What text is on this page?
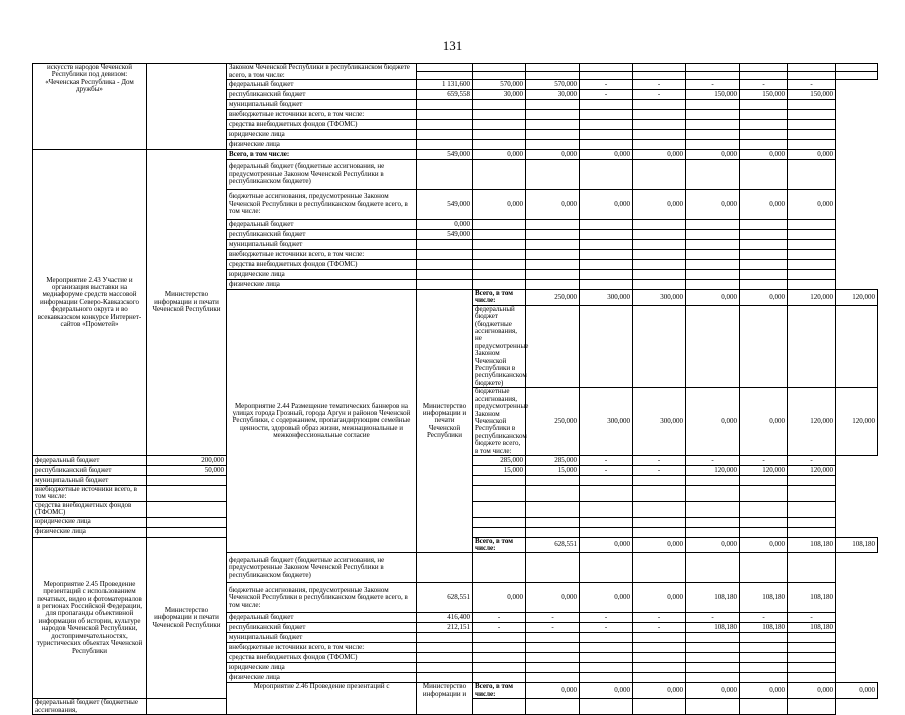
131
искусств народов Чеченской Республики под девизом: «Чеченская Республика - Дом дружбы»		Законом Чеченской Республики в республиканском бюджете всего, в том числе:										

		федеральный бюджет	1 131,600	570,000	570,000	-	-	-	-	-		
		республиканский бюджет	659,558	30,000	30,000	-	-	150,000	150,000	150,000		
		муниципальный бюджет										
		внебюджетные источники всего, в том числе:										
		средства внебюджетных фондов (ТФОМС)										
		юридические лица										
		физические лица										
Мероприятие 2.43 Участие и организация выставки на медиафоруме средств массовой информации Северо-Кавказского федерального округа и во всекавказском конкурсе Интернет-сайтов «Прометей»	Министерство информации и печати Чеченской Республики	Всего, в том числе:	549,000	0,000	0,000	0,000	0,000	0,000	0,000	0,000		
		федеральный бюджет (бюджетные ассигнования, не предусмотренные Законом Чеченской Республики в республиканском бюджете)										
		бюджетные ассигнования, предусмотренные Законом Чеченской Республики в республиканском бюджете всего, в том числе:	549,000	0,000	0,000	0,000	0,000	0,000	0,000	0,000		
		федеральный бюджет	0,000									
		республиканский бюджет	549,000									
		муниципальный бюджет										
		внебюджетные источники всего, в том числе:										
		средства внебюджетных фондов (ТФОМС)										
		юридические лица										
		физические лица										
		Мероприятие 2.44 Размещение тематических баннеров на улицах города Грозный, города Аргун и районов Чеченской Республики, с содержанием, пропагандирующим семейные ценности, здоровый образ жизни, межнациональные и межконфессиональные согласие	Министерство информации и печати Чеченской Республики	Всего, в том числе:	250,000	300,000	300,000	0,000	0,000	120,000	120,000	
				федеральный бюджет (бюджетные ассигнования, не предусмотренные Законом Чеченской Республики в республиканском бюджете)								
				бюджетные ассигнования, предусмотренные Законом Чеченской Республики в республиканском бюджете всего, в том числе:	250,000	300,000	300,000	0,000	0,000	120,000	120,000	
федеральный бюджет	200,000			285,000	285,000	-	-	-	-	-		
республиканский бюджет	50,000			15,000	15,000	-	-	120,000	120,000	120,000		
муниципальный бюджет												
внебюджетные источники всего, в том числе:												
средства внебюджетных фондов (ТФОМС)												
юридические лица												
физические лица												
Мероприятие 2.45 Проведение презентаций с использованием печатных, видео и фотоматериалов в регионах Российской Федерации, для пропаганды объективной информации об истории, культуре народов Чеченской Республики, достопримечательностях, туристических объектах Чеченской Республики	Министерство информации и печати Чеченской Республики			Всего, в том числе:	628,551	0,000	0,000	0,000	0,000	108,180	108,180	
		федеральный бюджет (бюджетные ассигнования, не предусмотренные Законом Чеченской Республики в республиканском бюджете)										
		бюджетные ассигнования, предусмотренные Законом Чеченской Республики в республиканском бюджете всего, в том числе:	628,551	0,000	0,000	0,000	0,000	108,180	108,180	108,180		
		федеральный бюджет	416,400	-	-	-	-	-	-	-		
		республиканский бюджет	212,151	-	-	-	-	108,180	108,180	108,180		
		муниципальный бюджет										
		внебюджетные источники всего, в том числе:										
		средства внебюджетных фондов (ТФОМС)										
		юридические лица										
		физические лица										
		Мероприятие 2.46 Проведение презентаций с	Министерство информации и	Всего, в том числе:	0,000	0,000	0,000	0,000	0,000	0,000	0,000	
федеральный бюджет (бюджетные ассигнования,												
